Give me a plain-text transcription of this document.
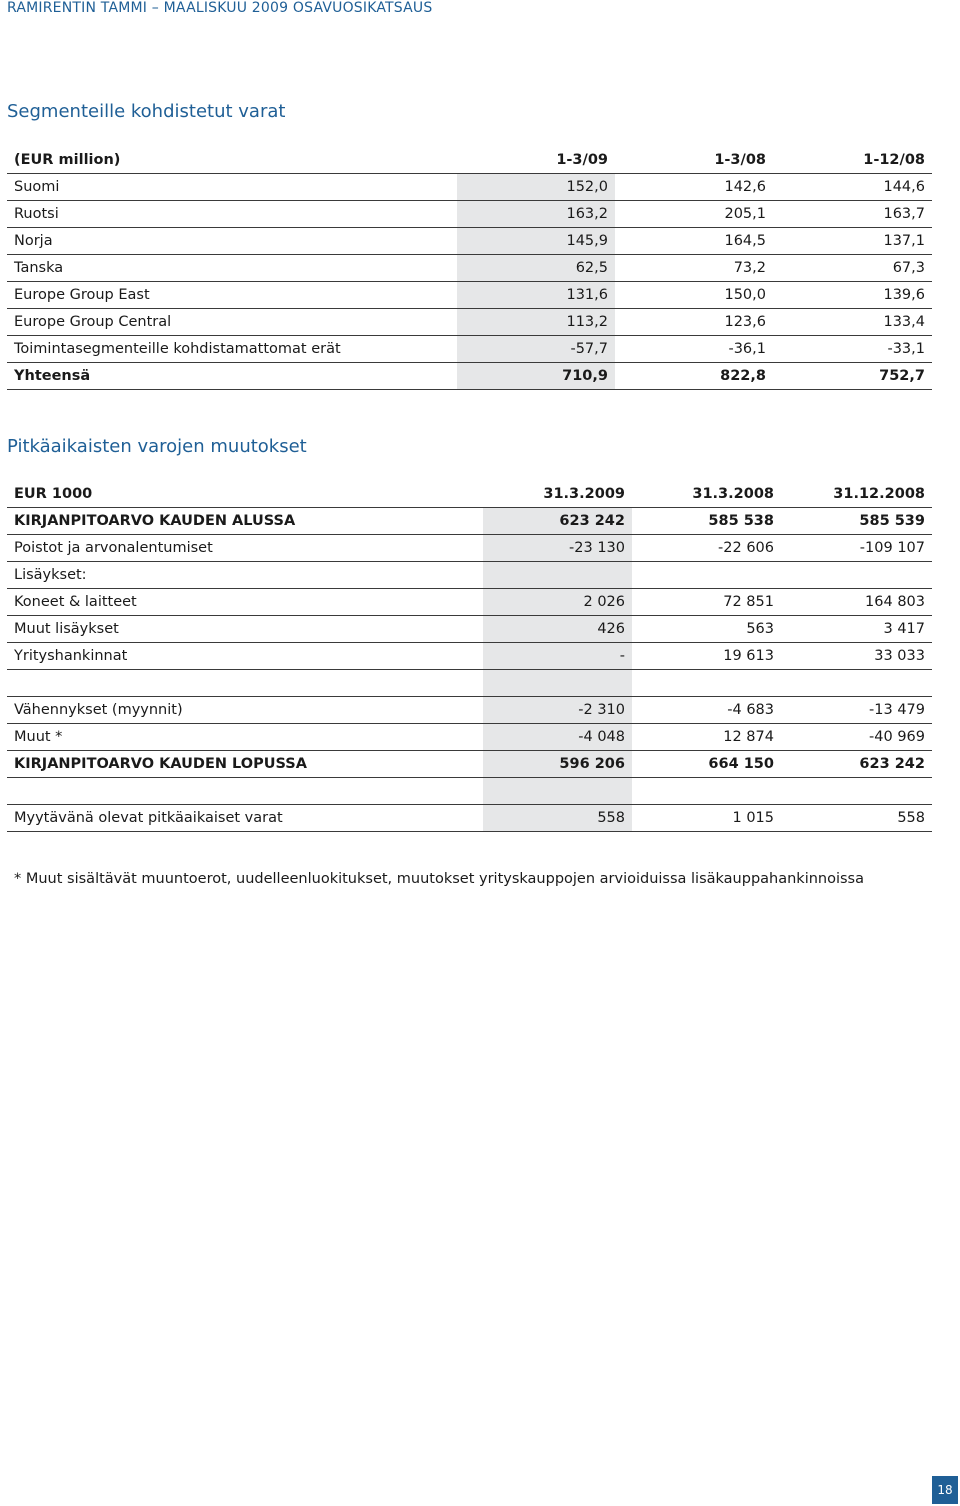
RAMIRENTIN TAMMI – MAALISKUU 2009 OSAVUOSIKATSAUS
Segmenteille kohdistetut varat
(EUR million)	1-3/09	1-3/08	1-12/08
Suomi	152,0	142,6	144,6
Ruotsi	163,2	205,1	163,7
Norja	145,9	164,5	137,1
Tanska	62,5	73,2	67,3
Europe Group East	131,6	150,0	139,6
Europe Group Central	113,2	123,6	133,4
Toimintasegmenteille kohdistamattomat erät	-57,7	-36,1	-33,1
Yhteensä	710,9	822,8	752,7
Pitkäaikaisten varojen muutokset
EUR 1000	31.3.2009	31.3.2008	31.12.2008
KIRJANPITOARVO KAUDEN ALUSSA	623 242	585 538	585 539
Poistot ja arvonalentumiset	-23 130	-22 606	-109 107
Lisäykset:			
Koneet & laitteet	2 026	72 851	164 803
Muut lisäykset	426	563	3 417
Yrityshankinnat	-	19 613	33 033

Vähennykset (myynnit)	-2 310	-4 683	-13 479
Muut *	-4 048	12 874	-40 969
KIRJANPITOARVO KAUDEN LOPUSSA	596 206	664 150	623 242

Myytävänä olevat pitkäaikaiset varat	558	1 015	558
* Muut sisältävät muuntoerot, uudelleenluokitukset, muutokset yrityskauppojen arvioiduissa lisäkauppahankinnoissa
18
